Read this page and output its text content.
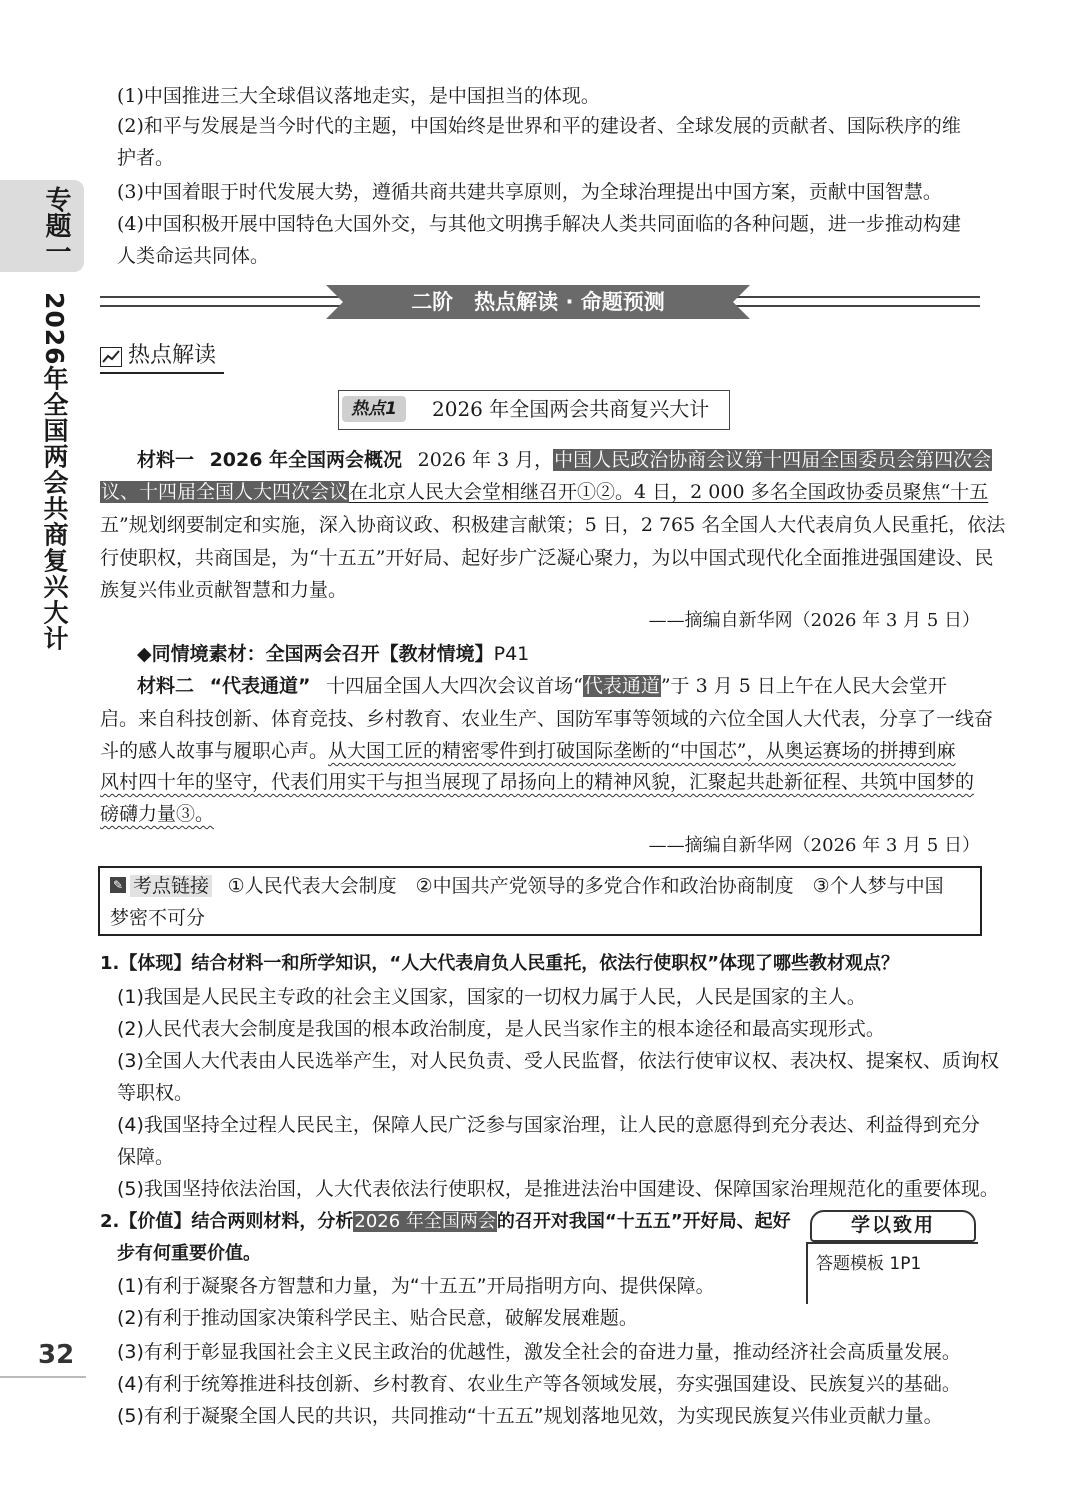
专题一
2026年全国两会共商复兴大计

(1)中国推进三大全球倡议落地走实，是中国担当的体现。

(2)和平与发展是当今时代的主题，中国始终是世界和平的建设者、全球发展的贡献者、国际秩序的维

护者。

(3)中国着眼于时代发展大势，遵循共商共建共享原则，为全球治理提出中国方案，贡献中国智慧。

(4)中国积极开展中国特色大国外交，与其他文明携手解决人类共同面临的各种问题，进一步推动构建

人类命运共同体。

二阶　热点解读 · 命题预测
热点解读
热点1	2026 年全国两会共商复兴大计

材料一  2026 年全国两会概况  2026 年 3 月，中国人民政治协商会议第十四届全国委员会第四次会

议、十四届全国人大四次会议在北京人民大会堂相继召开①②。4 日，2 000 多名全国政协委员聚焦“十五

五”规划纲要制定和实施，深入协商议政、积极建言献策；5 日，2 765 名全国人大代表肩负人民重托，依法

行使职权，共商国是，为“十五五”开好局、起好步广泛凝心聚力，为以中国式现代化全面推进强国建设、民

族复兴伟业贡献智慧和力量。

——摘编自新华网（2026 年 3 月 5 日）

◆同情境素材：全国两会召开【教材情境】P41

材料二  “代表通道”  十四届全国人大四次会议首场“代表通道”于 3 月 5 日上午在人民大会堂开

启。来自科技创新、体育竞技、乡村教育、农业生产、国防军事等领域的六位全国人大代表，分享了一线奋

斗的感人故事与履职心声。从大国工匠的精密零件到打破国际垄断的“中国芯”，从奥运赛场的拼搏到麻

风村四十年的坚守，代表们用实干与担当展现了昂扬向上的精神风貌，汇聚起共赴新征程、共筑中国梦的

磅礴力量③。

——摘编自新华网（2026 年 3 月 5 日）

✎ 考点链接  ①人民代表大会制度　②中国共产党领导的多党合作和政治协商制度　③个人梦与中国

梦密不可分

1.【体现】结合材料一和所学知识，“人大代表肩负人民重托，依法行使职权”体现了哪些教材观点？

(1)我国是人民民主专政的社会主义国家，国家的一切权力属于人民，人民是国家的主人。

(2)人民代表大会制度是我国的根本政治制度，是人民当家作主的根本途径和最高实现形式。

(3)全国人大代表由人民选举产生，对人民负责、受人民监督，依法行使审议权、表决权、提案权、质询权

等职权。

(4)我国坚持全过程人民民主，保障人民广泛参与国家治理，让人民的意愿得到充分表达、利益得到充分

保障。

(5)我国坚持依法治国，人大代表依法行使职权，是推进法治中国建设、保障国家治理规范化的重要体现。

2.【价值】结合两则材料，分析2026 年全国两会的召开对我国“十五五”开好局、起好

步有何重要价值。

学以致用
答题模板 1P1

(1)有利于凝聚各方智慧和力量，为“十五五”开局指明方向、提供保障。

(2)有利于推动国家决策科学民主、贴合民意，破解发展难题。

(3)有利于彰显我国社会主义民主政治的优越性，激发全社会的奋进力量，推动经济社会高质量发展。

(4)有利于统筹推进科技创新、乡村教育、农业生产等各领域发展，夯实强国建设、民族复兴的基础。

(5)有利于凝聚全国人民的共识，共同推动“十五五”规划落地见效，为实现民族复兴伟业贡献力量。

32
